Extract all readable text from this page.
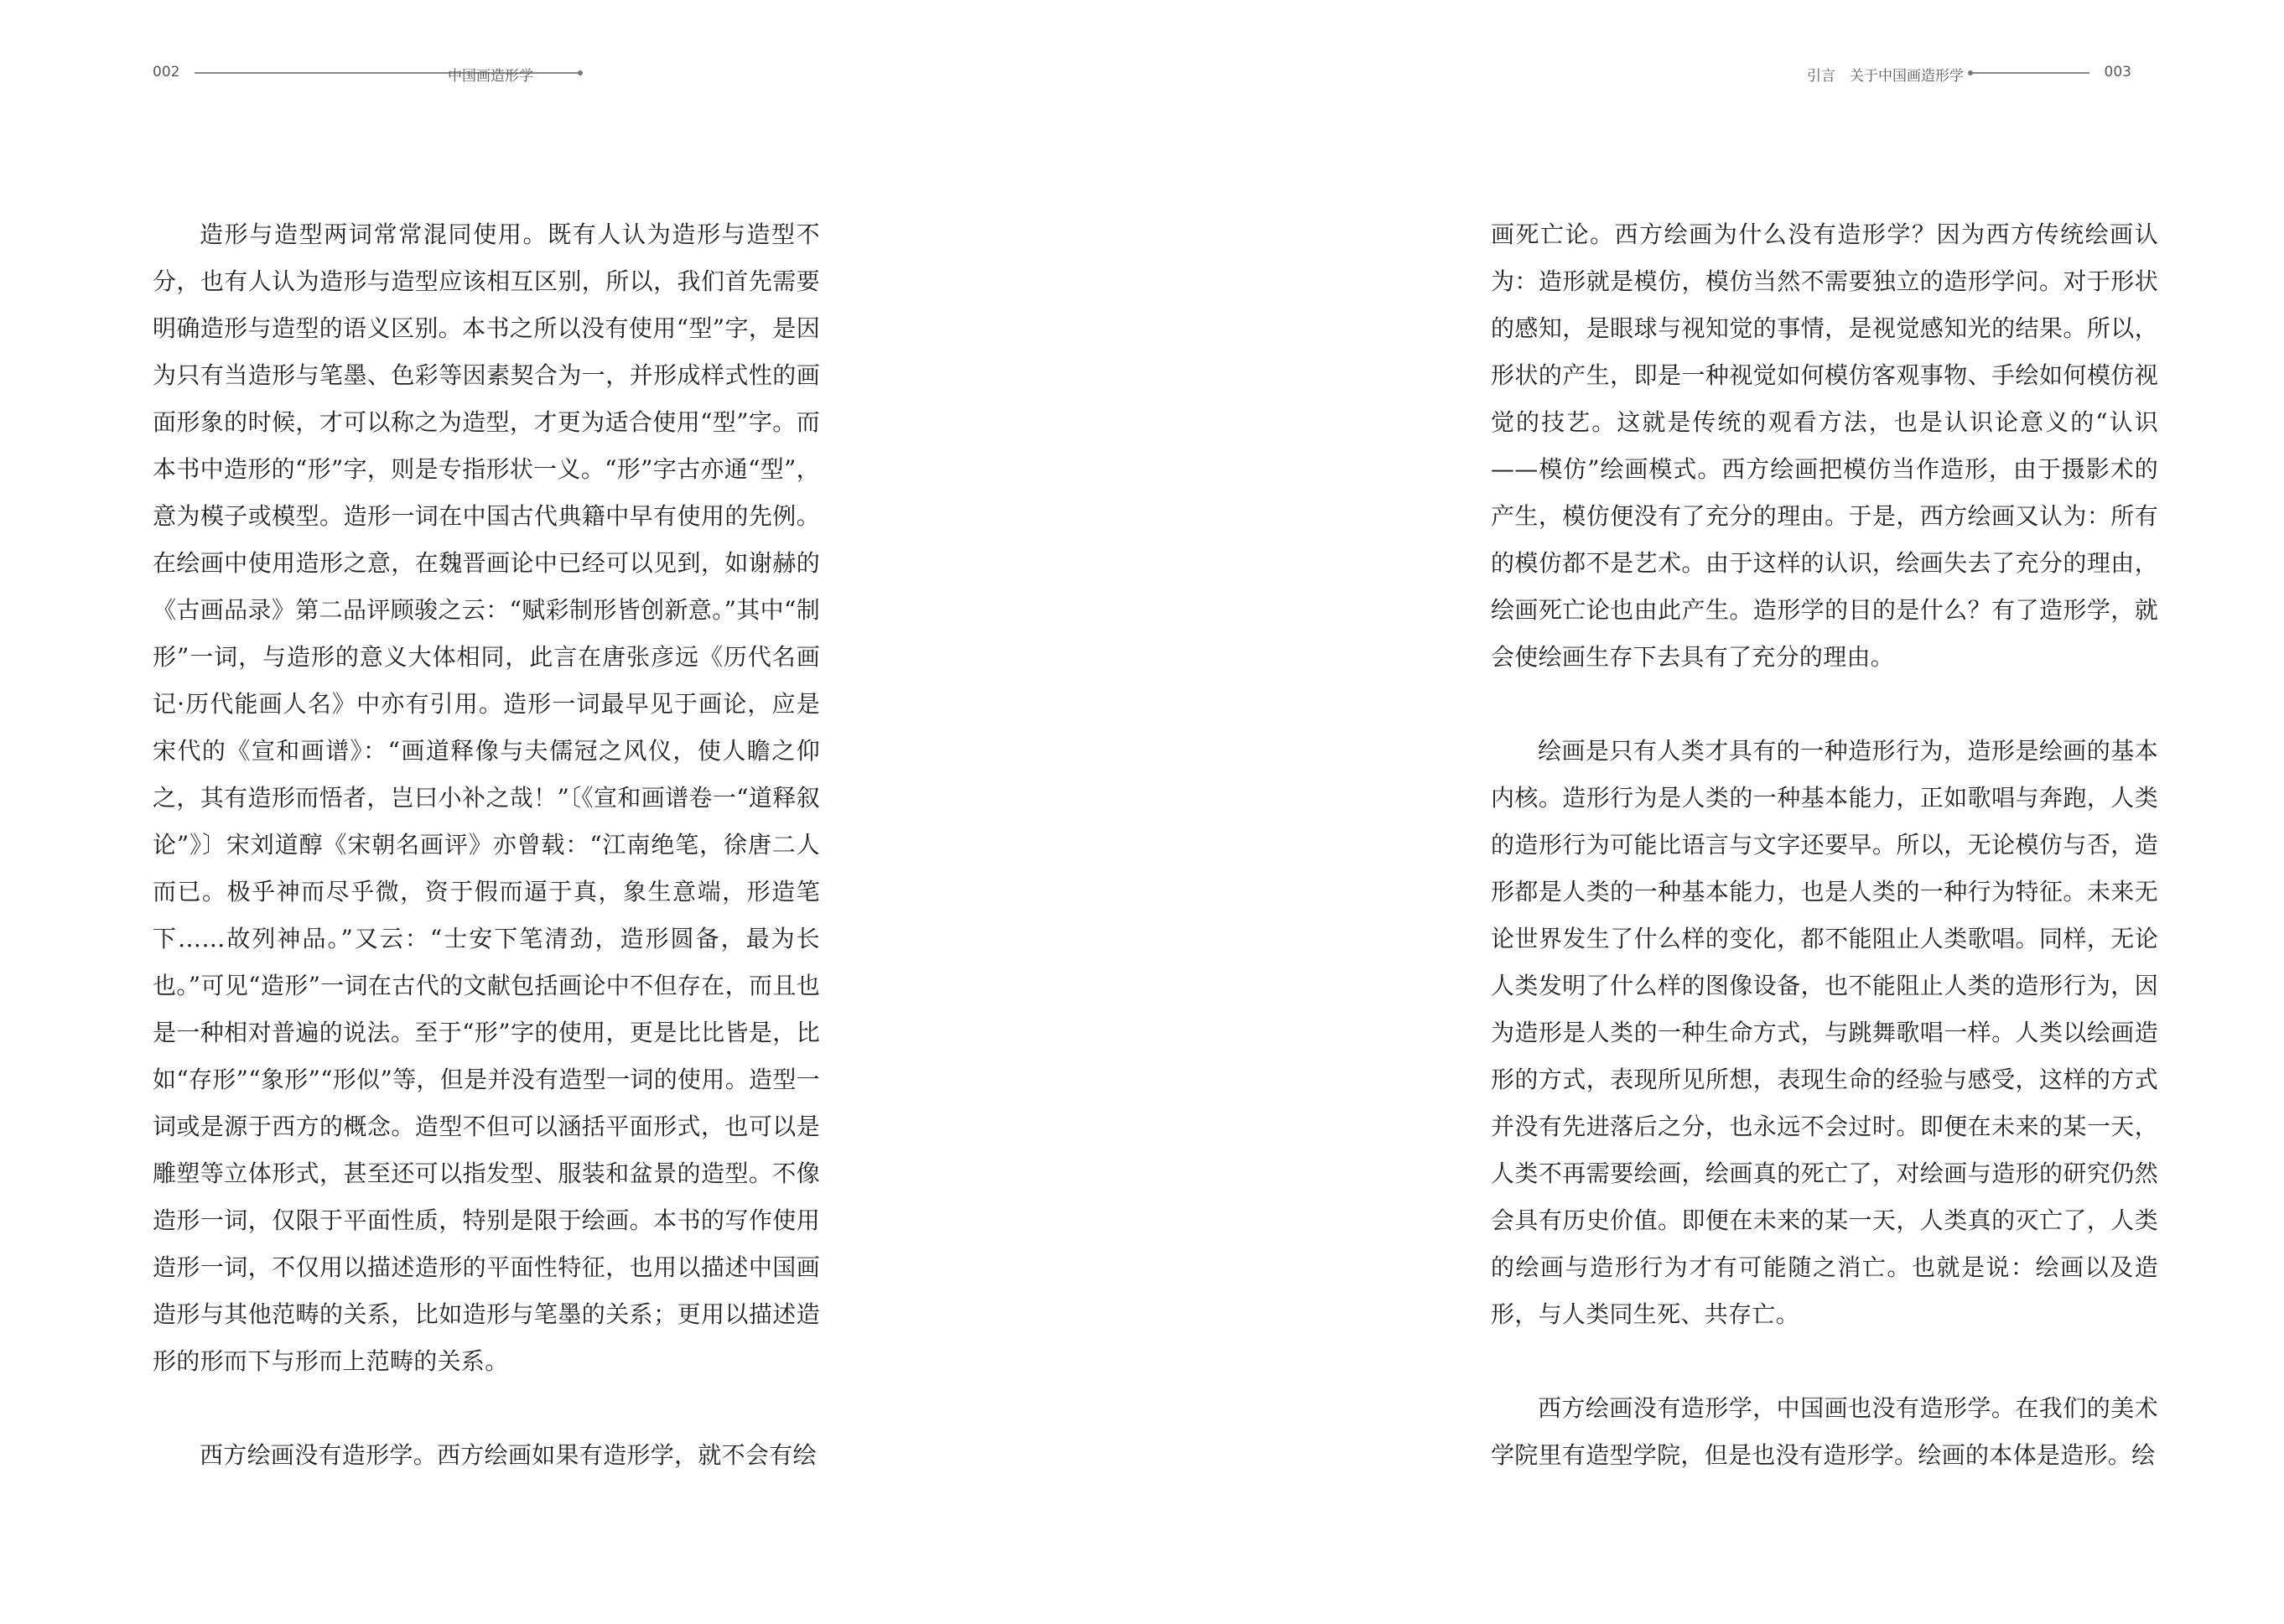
002	中国画造形学

造形与造型两词常常混同使用。既有人认为造形与造型不分，也有人认为造形与造型应该相互区别，所以，我们首先需要明确造形与造型的语义区别。本书之所以没有使用“型”字，是因为只有当造形与笔墨、色彩等因素契合为一，并形成样式性的画面形象的时候，才可以称之为造型，才更为适合使用“型”字。而本书中造形的“形”字，则是专指形状一义。“形”字古亦通“型”，意为模子或模型。造形一词在中国古代典籍中早有使用的先例。在绘画中使用造形之意，在魏晋画论中已经可以见到，如谢赫的《古画品录》第二品评顾骏之云：“赋彩制形皆创新意。”其中“制形”一词，与造形的意义大体相同，此言在唐张彦远《历代名画记·历代能画人名》中亦有引用。造形一词最早见于画论，应是宋代的《宣和画谱》：“画道释像与夫儒冠之风仪，使人瞻之仰之，其有造形而悟者，岂曰小补之哉！”〔《宣和画谱卷一“道释叙论”》〕宋刘道醇《宋朝名画评》亦曾载：“江南绝笔，徐唐二人而已。极乎神而尽乎微，资于假而逼于真，象生意端，形造笔下……故列神品。”又云：“士安下笔清劲，造形圆备，最为长也。”可见“造形”一词在古代的文献包括画论中不但存在，而且也是一种相对普遍的说法。至于“形”字的使用，更是比比皆是，比如“存形”“象形”“形似”等，但是并没有造型一词的使用。造型一词或是源于西方的概念。造型不但可以涵括平面形式，也可以是雕塑等立体形式，甚至还可以指发型、服装和盆景的造型。不像造形一词，仅限于平面性质，特别是限于绘画。本书的写作使用造形一词，不仅用以描述造形的平面性特征，也用以描述中国画造形与其他范畴的关系，比如造形与笔墨的关系；更用以描述造形的形而下与形而上范畴的关系。

西方绘画没有造形学。西方绘画如果有造形学，就不会有绘

引言　关于中国画造形学	003

画死亡论。西方绘画为什么没有造形学？因为西方传统绘画认为：造形就是模仿，模仿当然不需要独立的造形学问。对于形状的感知，是眼球与视知觉的事情，是视觉感知光的结果。所以，形状的产生，即是一种视觉如何模仿客观事物、手绘如何模仿视觉的技艺。这就是传统的观看方法，也是认识论意义的“认识——模仿”绘画模式。西方绘画把模仿当作造形，由于摄影术的产生，模仿便没有了充分的理由。于是，西方绘画又认为：所有的模仿都不是艺术。由于这样的认识，绘画失去了充分的理由，绘画死亡论也由此产生。造形学的目的是什么？有了造形学，就会使绘画生存下去具有了充分的理由。

绘画是只有人类才具有的一种造形行为，造形是绘画的基本内核。造形行为是人类的一种基本能力，正如歌唱与奔跑，人类的造形行为可能比语言与文字还要早。所以，无论模仿与否，造形都是人类的一种基本能力，也是人类的一种行为特征。未来无论世界发生了什么样的变化，都不能阻止人类歌唱。同样，无论人类发明了什么样的图像设备，也不能阻止人类的造形行为，因为造形是人类的一种生命方式，与跳舞歌唱一样。人类以绘画造形的方式，表现所见所想，表现生命的经验与感受，这样的方式并没有先进落后之分，也永远不会过时。即便在未来的某一天，人类不再需要绘画，绘画真的死亡了，对绘画与造形的研究仍然会具有历史价值。即便在未来的某一天，人类真的灭亡了，人类的绘画与造形行为才有可能随之消亡。也就是说：绘画以及造形，与人类同生死、共存亡。

西方绘画没有造形学，中国画也没有造形学。在我们的美术学院里有造型学院，但是也没有造形学。绘画的本体是造形。绘
